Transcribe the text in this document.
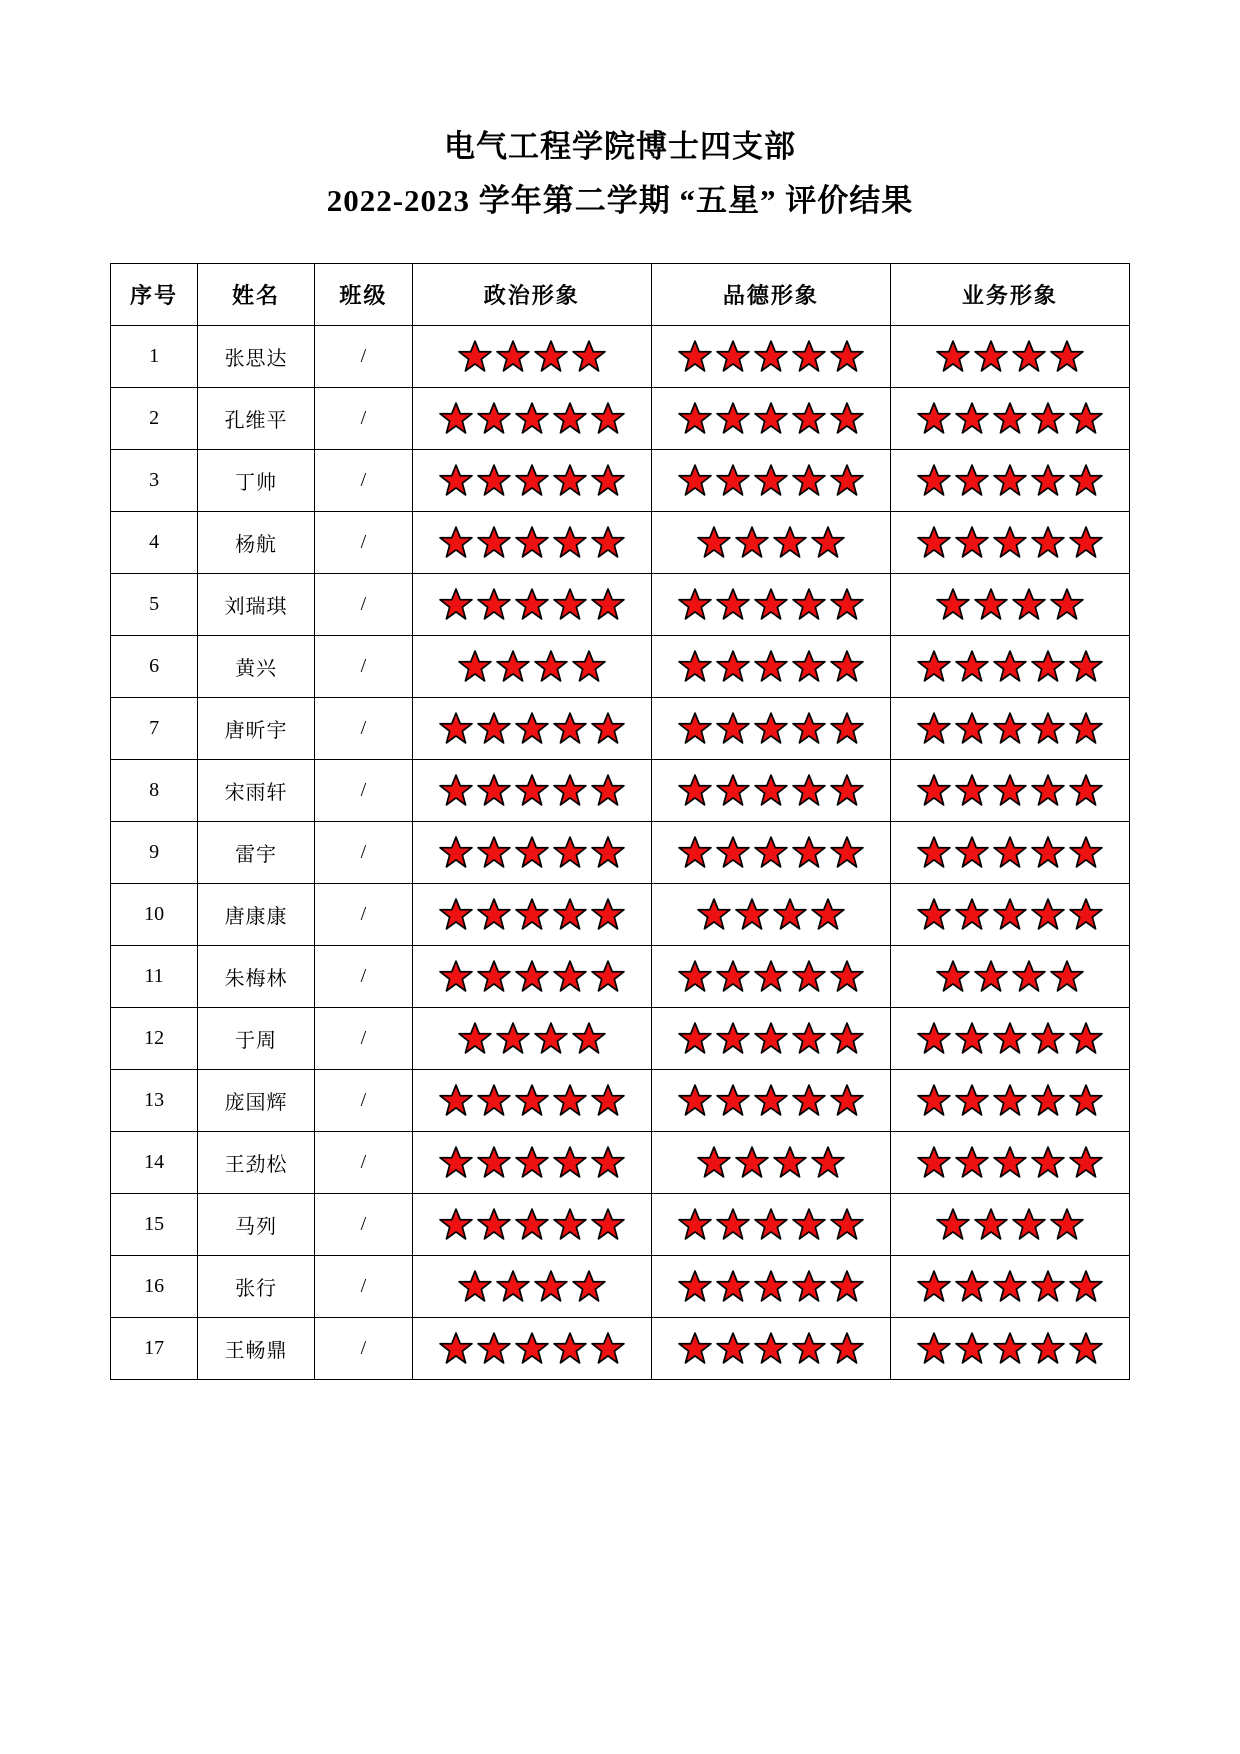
电气工程学院博士四支部
2022-2023 学年第二学期 “五星” 评价结果
序号	姓名	班级	政治形象	品德形象	业务形象
1	张思达	/	

2	孔维平	/	

3	丁帅	/	

4	杨航	/	

5	刘瑞琪	/	

6	黄兴	/	

7	唐昕宇	/	

8	宋雨轩	/	

9	雷宇	/	

10	唐康康	/	

11	朱梅林	/	

12	于周	/	

13	庞国辉	/	

14	王劲松	/	

15	马列	/	

16	张行	/	

17	王畅鼎	/	
